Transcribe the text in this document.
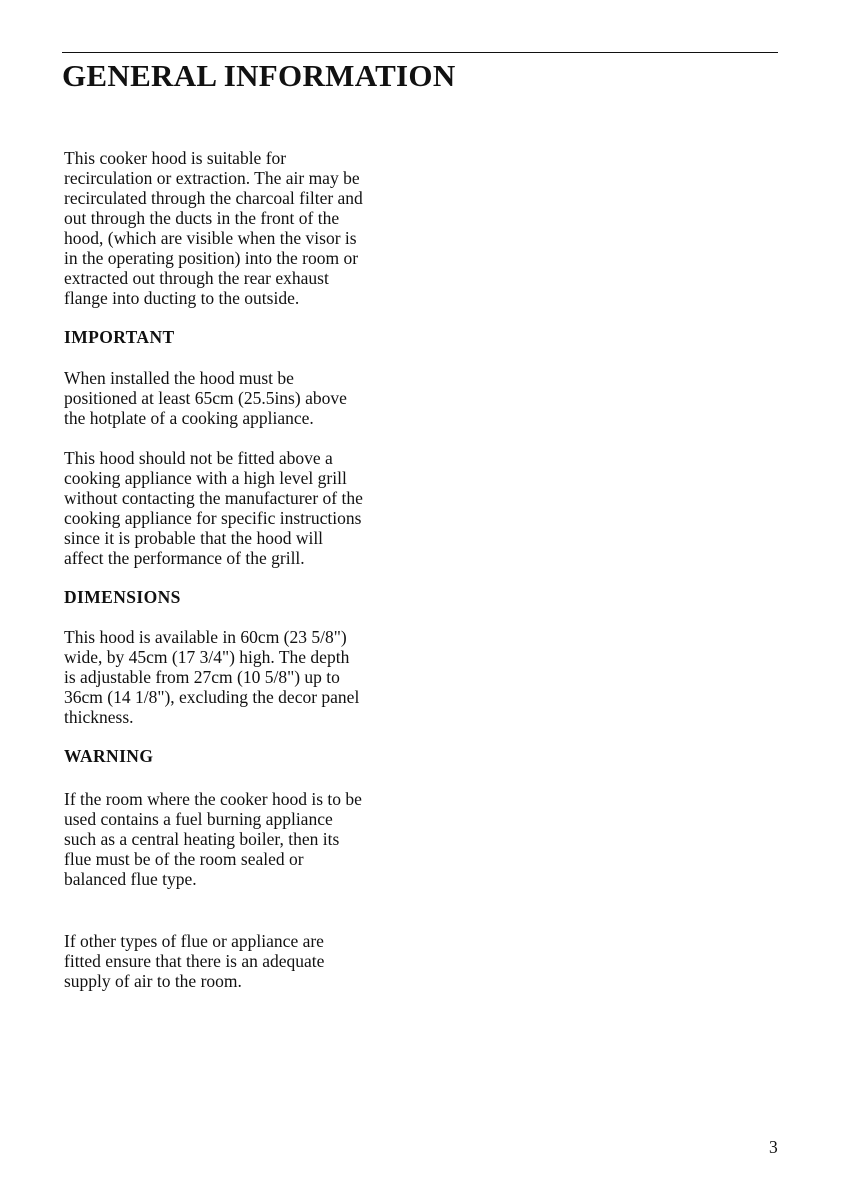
GENERAL INFORMATION

This cooker hood is suitable for
recirculation or extraction. The air may be
recirculated through the charcoal filter and
out through the ducts in the front of the
hood, (which are visible when the visor is
in the operating position) into the room or
extracted out through the rear exhaust
flange into ducting to the outside.

IMPORTANT

When installed the hood must be
positioned at least 65cm (25.5ins) above
the hotplate of a cooking appliance.

This hood should not be fitted above a
cooking appliance with a high level grill
without contacting the manufacturer of the
cooking appliance for specific instructions
since it is probable that the hood will
affect the performance of the grill.

DIMENSIONS

This hood is available in 60cm (23 5/8")
wide, by 45cm (17 3/4") high. The depth
is adjustable from 27cm (10 5/8") up to
36cm (14 1/8"), excluding the decor panel
thickness.

WARNING

If the room where the cooker hood is to be
used contains a fuel burning appliance
such as a central heating boiler, then its
flue must be of the room sealed or
balanced flue type.

If other types of flue or appliance are
fitted ensure that there is an adequate
supply of air to the room.

3
